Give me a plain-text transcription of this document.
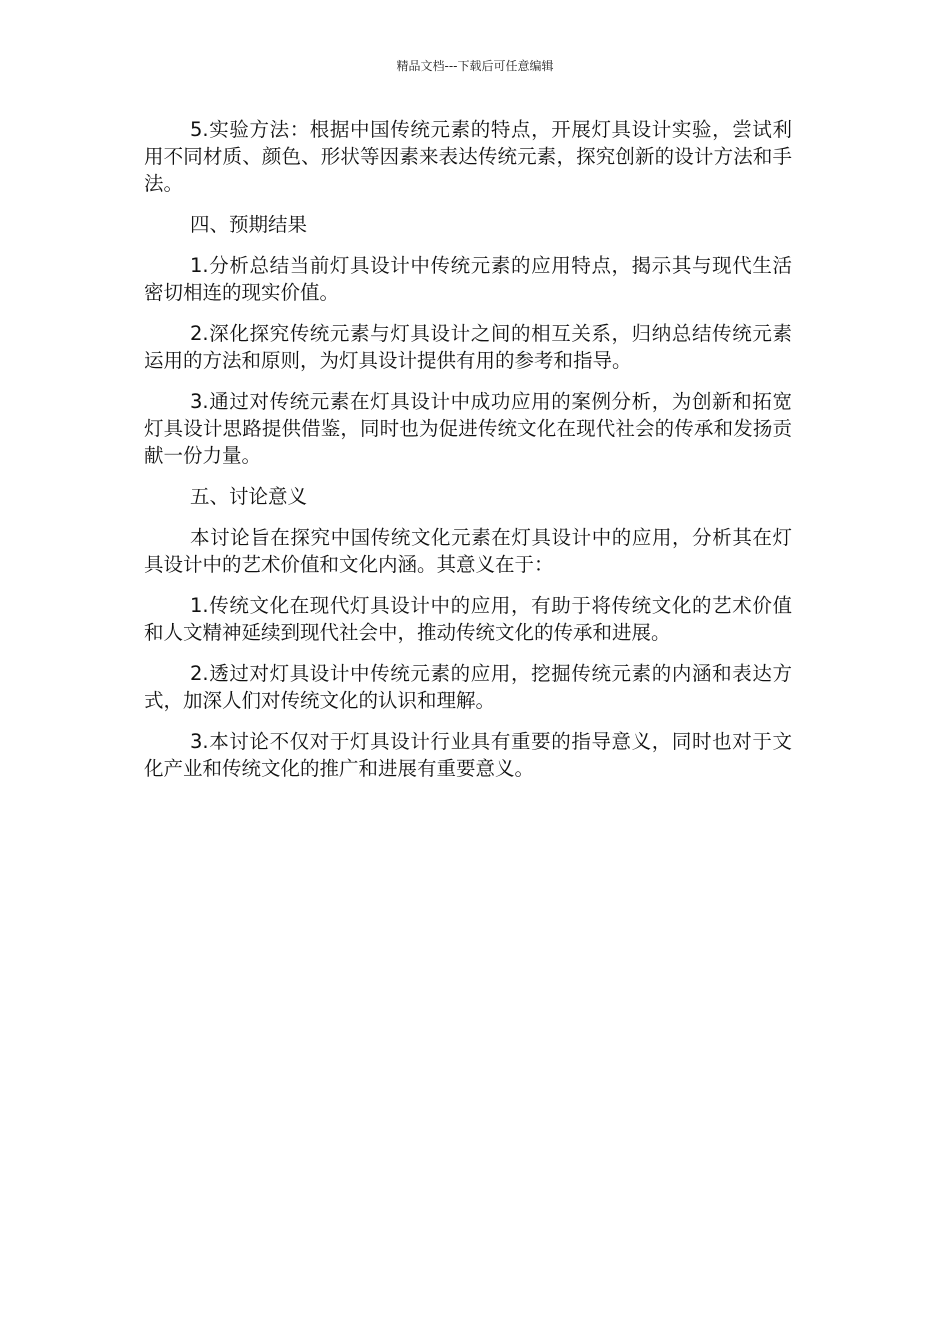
精品文档---下载后可任意编辑

5.实验方法：根据中国传统元素的特点，开展灯具设计实验，尝试利用不同材质、颜色、形状等因素来表达传统元素，探究创新的设计方法和手法。

四、预期结果

1.分析总结当前灯具设计中传统元素的应用特点，揭示其与现代生活密切相连的现实价值。

2.深化探究传统元素与灯具设计之间的相互关系，归纳总结传统元素运用的方法和原则，为灯具设计提供有用的参考和指导。

3.通过对传统元素在灯具设计中成功应用的案例分析，为创新和拓宽灯具设计思路提供借鉴，同时也为促进传统文化在现代社会的传承和发扬贡献一份力量。

五、讨论意义

本讨论旨在探究中国传统文化元素在灯具设计中的应用，分析其在灯具设计中的艺术价值和文化内涵。其意义在于：

1.传统文化在现代灯具设计中的应用，有助于将传统文化的艺术价值和人文精神延续到现代社会中，推动传统文化的传承和进展。

2.透过对灯具设计中传统元素的应用，挖掘传统元素的内涵和表达方式，加深人们对传统文化的认识和理解。

3.本讨论不仅对于灯具设计行业具有重要的指导意义，同时也对于文化产业和传统文化的推广和进展有重要意义。
